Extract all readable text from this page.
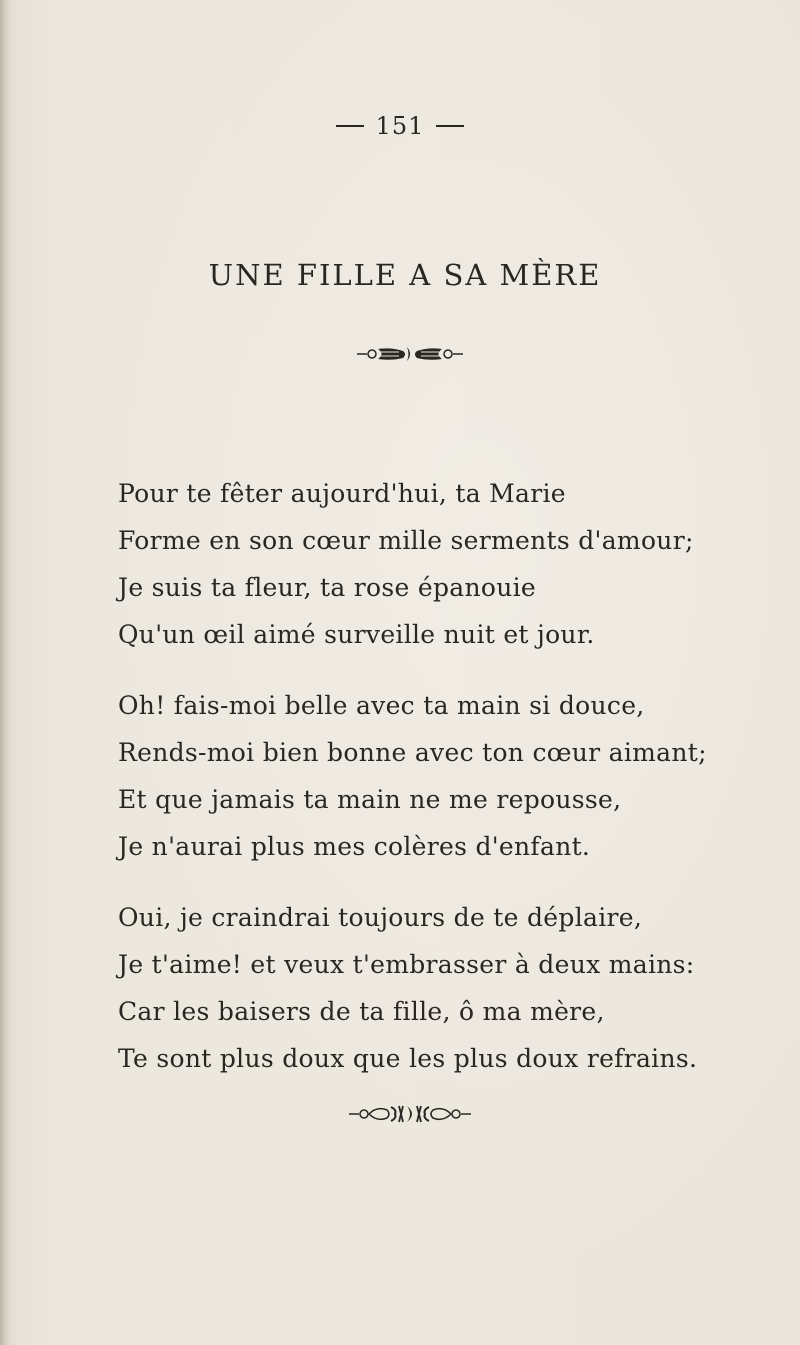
151
UNE FILLE A SA MÈRE
Pour te fêter aujourd'hui, ta Marie
Forme en son cœur mille serments d'amour;
Je suis ta fleur, ta rose épanouie
Qu'un œil aimé surveille nuit et jour.
Oh! fais-moi belle avec ta main si douce,
Rends-moi bien bonne avec ton cœur aimant;
Et que jamais ta main ne me repousse,
Je n'aurai plus mes colères d'enfant.
Oui, je craindrai toujours de te déplaire,
Je t'aime! et veux t'embrasser à deux mains:
Car les baisers de ta fille, ô ma mère,
Te sont plus doux que les plus doux refrains.
